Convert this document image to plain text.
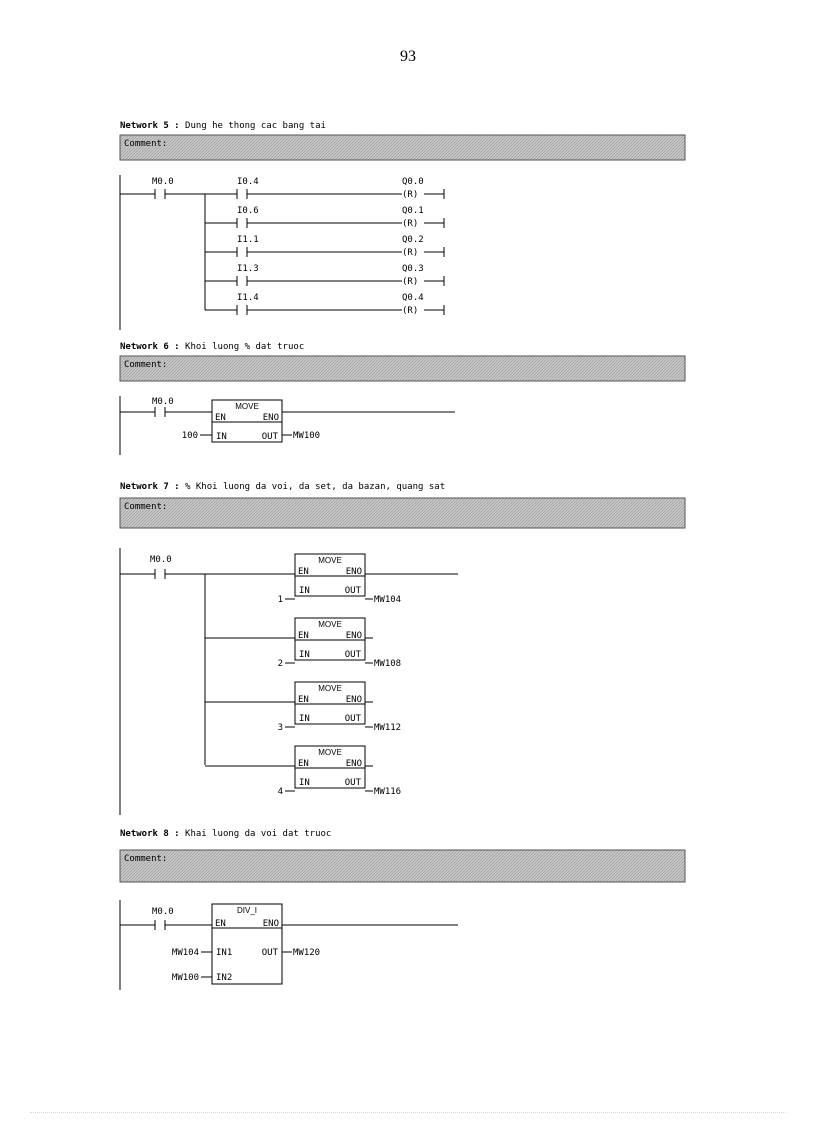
93
Network 5 : Dung he thong cac bang tai
Comment:
M0.0	I0.4	Q0.0
(R)
I0.6	Q0.1
(R)
I1.1	Q0.2
(R)
I1.3	Q0.3
(R)
I1.4	Q0.4
(R)
Network 6 : Khoi luong % dat truoc
Comment:
M0.0	MOVE
EN	ENO
IN	OUT
100	MW100
Network 7 : % Khoi luong da voi, da set, da bazan, quang sat
Comment:
M0.0	MOVE
EN	ENO
IN	OUT
1	MW104
MOVE
EN	ENO
IN	OUT
2	MW108
MOVE
EN	ENO
IN	OUT
3	MW112
MOVE
EN	ENO
IN	OUT
4	MW116
Network 8 : Khai luong da voi dat truoc
Comment:
M0.0	DIV_I
EN	ENO
IN1	OUT
IN2
MW104
MW100
MW120
